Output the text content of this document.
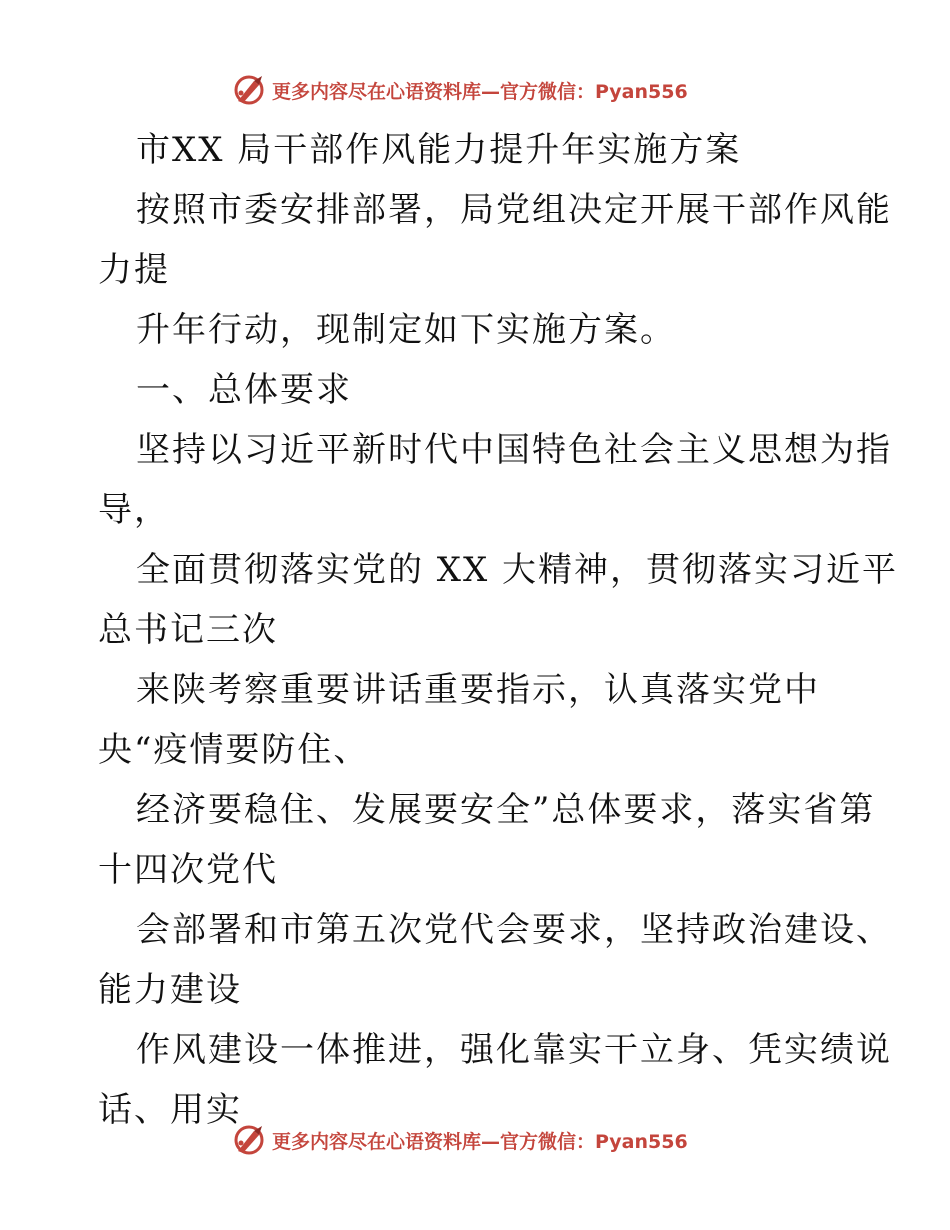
更多内容尽在心语资料库—官方微信：Pyan556
市XX 局干部作风能力提升年实施方案
按照市委安排部署，局党组决定开展干部作风能
力提
升年行动，现制定如下实施方案。
一、总体要求
坚持以习近平新时代中国特色社会主义思想为指
导，
全面贯彻落实党的 XX 大精神，贯彻落实习近平
总书记三次
来陕考察重要讲话重要指示，认真落实党中
央“疫情要防住、
经济要稳住、发展要安全”总体要求，落实省第
十四次党代
会部署和市第五次党代会要求，坚持政治建设、
能力建设
作风建设一体推进，强化靠实干立身、凭实绩说
话、用实
更多内容尽在心语资料库—官方微信：Pyan556
